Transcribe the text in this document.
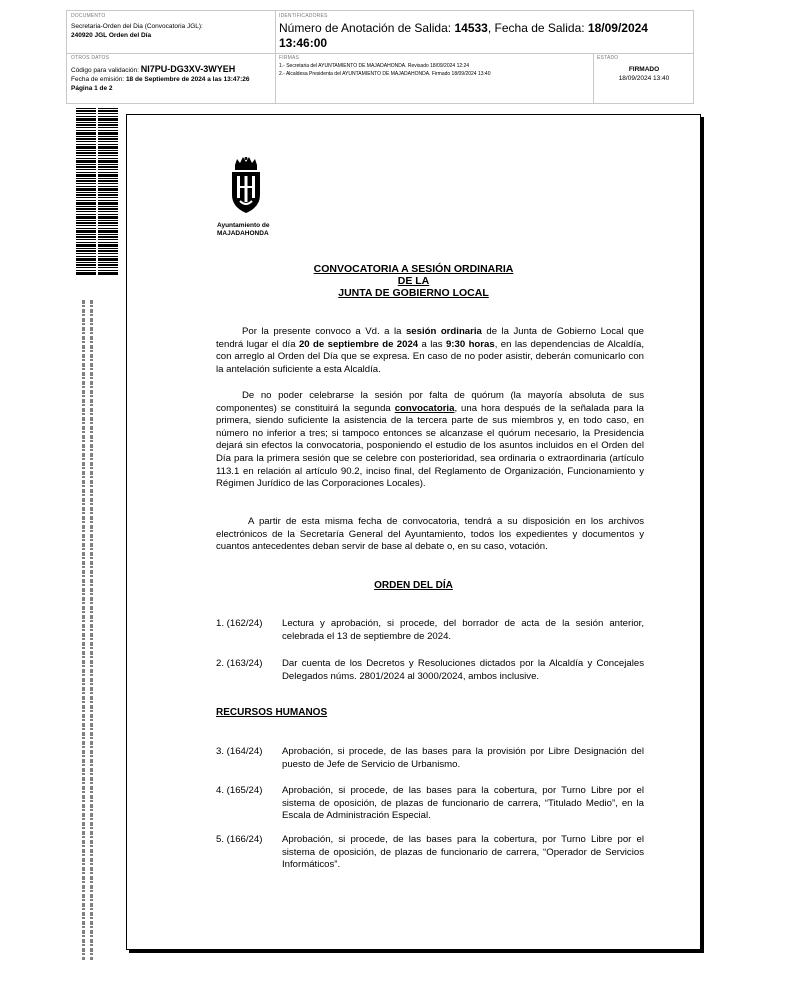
DOCUMENTO
Secretaria-Orden del Dia (Convocatoria JGL):
240920 JGL Orden del Día
IDENTIFICADORES
Número de Anotación de Salida: 14533, Fecha de Salida: 18/09/2024
13:46:00
OTROS DATOS
Código para validación: NI7PU-DG3XV-3WYEH
Fecha de emisión: 18 de Septiembre de 2024 a las 13:47:26
Página 1 de 2
FIRMAS
1.- Secretaria del AYUNTAMIENTO DE MAJADAHONDA. Revisado 18/09/2024 12:24
2.- Alcaldesa Presidenta del AYUNTAMIENTO DE MAJADAHONDA. Firmado 18/09/2024 13:40
ESTADO
FIRMADO
18/09/2024 13:40
Ayuntamiento de
MAJADAHONDA
CONVOCATORIA A SESIÓN ORDINARIA
DE LA
JUNTA DE GOBIERNO LOCAL
Por la presente convoco a Vd. a la sesión ordinaria de la Junta de Gobierno Local que tendrá lugar el día 20 de septiembre de 2024 a las 9:30 horas, en las dependencias de Alcaldía, con arreglo al Orden del Día que se expresa. En caso de no poder asistir, deberán comunicarlo con la antelación suficiente a esta Alcaldía.
De no poder celebrarse la sesión por falta de quórum (la mayoría absoluta de sus componentes) se constituirá la segunda convocatoria, una hora después de la señalada para la primera, siendo suficiente la asistencia de la tercera parte de sus miembros y, en todo caso, en número no inferior a tres; si tampoco entonces se alcanzase el quórum necesario, la Presidencia dejará sin efectos la convocatoria, posponiendo el estudio de los asuntos incluidos en el Orden del Día para la primera sesión que se celebre con posterioridad, sea ordinaria o extraordinaria (artículo 113.1 en relación al artículo 90.2, inciso final, del Reglamento de Organización, Funcionamiento y Régimen Jurídico de las Corporaciones Locales).
A partir de esta misma fecha de convocatoria, tendrá a su disposición en los archivos electrónicos de la Secretaría General del Ayuntamiento, todos los expedientes y documentos y cuantos antecedentes deban servir de base al debate o, en su caso, votación.
ORDEN DEL DÍA
1. (162/24)	Lectura y aprobación, si procede, del borrador de acta de la sesión anterior, celebrada el 13 de septiembre de 2024.
2. (163/24)	Dar cuenta de los Decretos y Resoluciones dictados por la Alcaldía y Concejales Delegados núms. 2801/2024 al 3000/2024, ambos inclusive.
RECURSOS HUMANOS
3. (164/24)	Aprobación, si procede, de las bases para la provisión por Libre Designación del puesto de Jefe de Servicio de Urbanismo.
4. (165/24)	Aprobación, si procede, de las bases para la cobertura, por Turno Libre por el sistema de oposición, de plazas de funcionario de carrera, “Titulado Medio”, en la Escala de Administración Especial.
5. (166/24)	Aprobación, si procede, de las bases para la cobertura, por Turno Libre por el sistema de oposición, de plazas de funcionario de carrera, “Operador de Servicios Informáticos”.
